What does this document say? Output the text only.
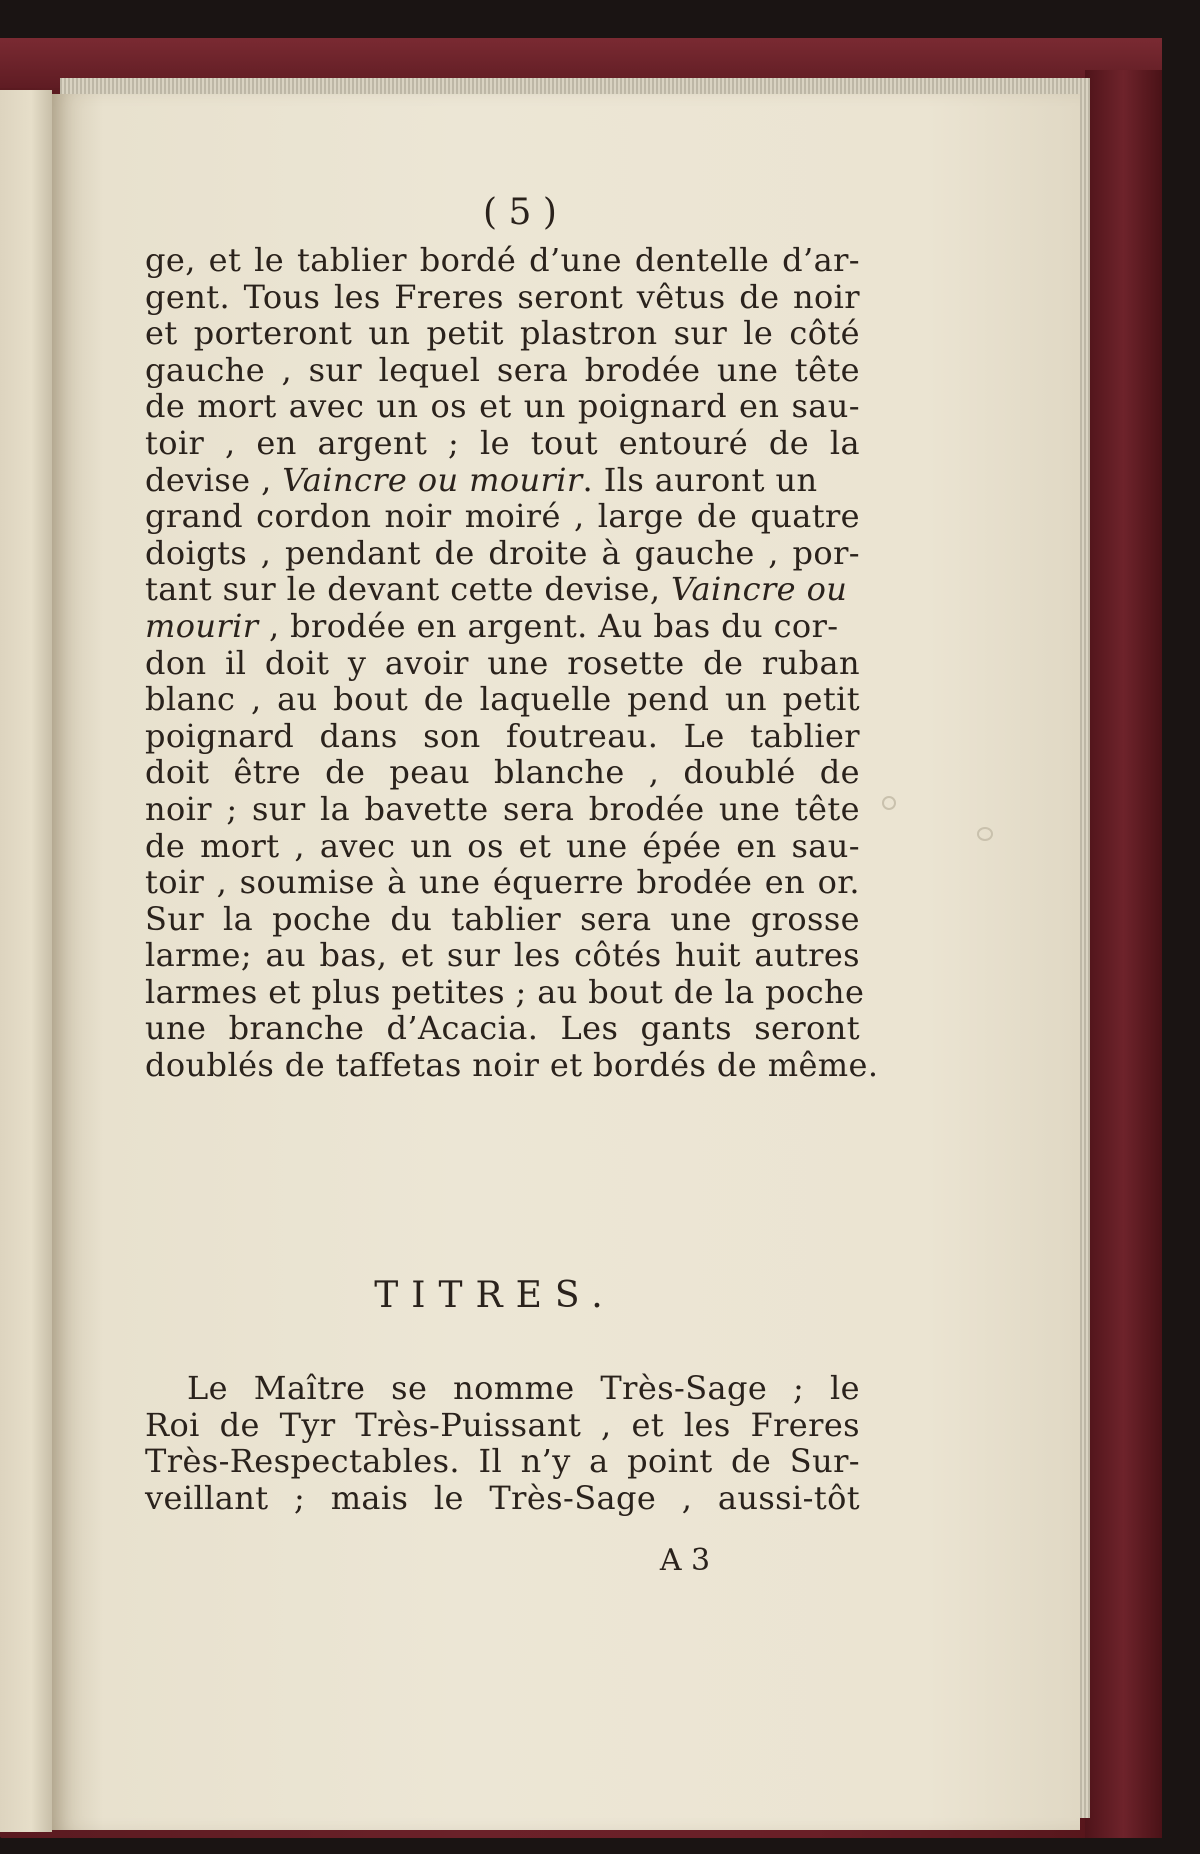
( 5 )
ge, et le tablier bordé d’une dentelle d’ar-
gent. Tous les Freres seront vêtus de noir
et porteront un petit plastron sur le côté
gauche , sur lequel sera brodée une tête
de mort avec un os et un poignard en sau-
toir , en argent ; le tout entouré de la
devise , Vaincre ou mourir. Ils auront un
grand cordon noir moiré , large de quatre
doigts , pendant de droite à gauche , por-
tant sur le devant cette devise, Vaincre ou
mourir , brodée en argent. Au bas du cor-
don il doit y avoir une rosette de ruban
blanc , au bout de laquelle pend un petit
poignard dans son foutreau. Le tablier
doit être de peau blanche , doublé de
noir ; sur la bavette sera brodée une tête
de mort , avec un os et une épée en sau-
toir , soumise à une équerre brodée en or.
Sur la poche du tablier sera une grosse
larme; au bas, et sur les côtés huit autres
larmes et plus petites ; au bout de la poche
une branche d’Acacia. Les gants seront
doublés de taffetas noir et bordés de même.
TITRES.
Le Maître se nomme Très-Sage ; le
Roi de Tyr Très-Puissant , et les Freres
Très-Respectables. Il n’y a point de Sur-
veillant ; mais le Très-Sage , aussi-tôt
A 3
